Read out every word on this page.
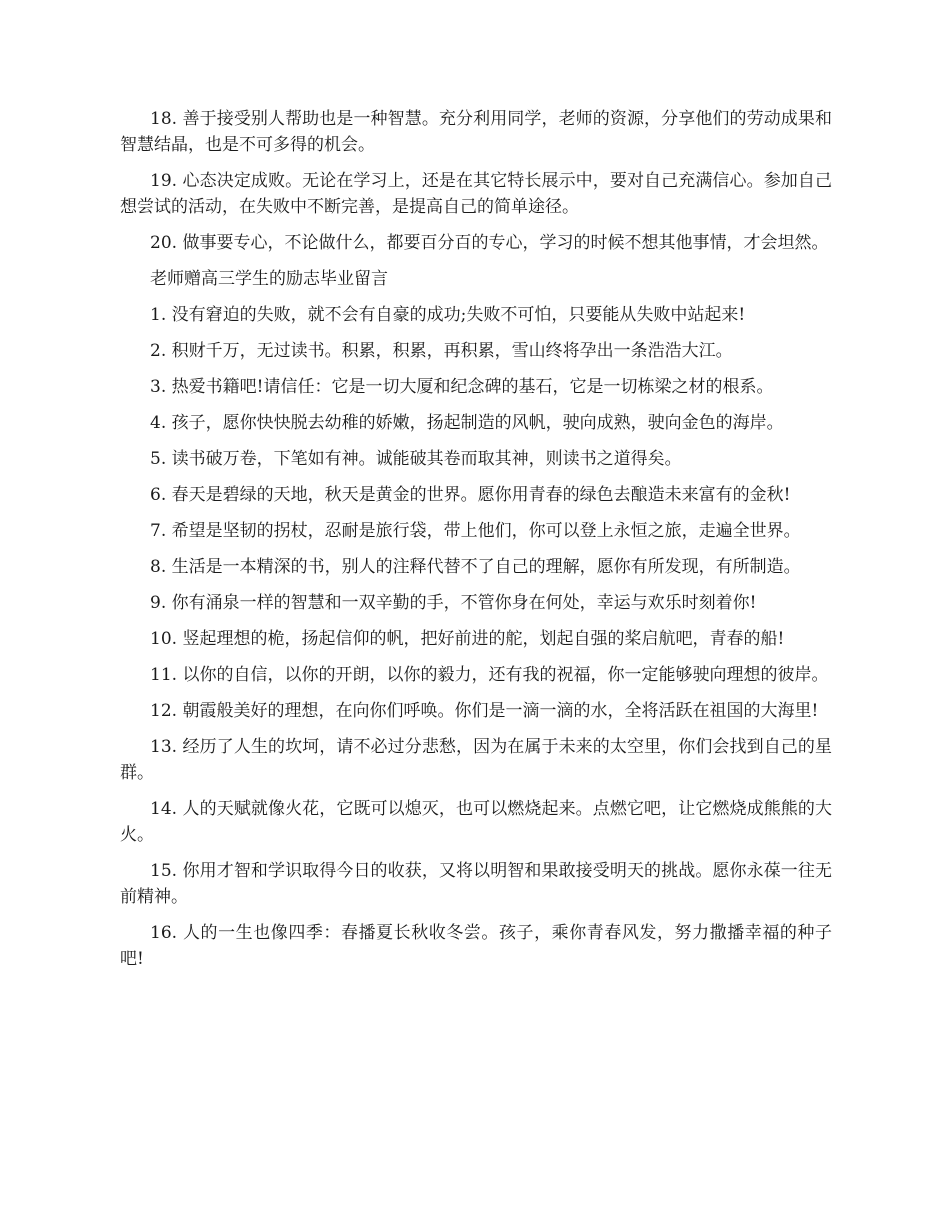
18. 善于接受别人帮助也是一种智慧。充分利用同学，老师的资源，分享他们的劳动成果和智慧结晶，也是不可多得的机会。

19. 心态决定成败。无论在学习上，还是在其它特长展示中，要对自己充满信心。参加自己想尝试的活动，在失败中不断完善，是提高自己的简单途径。

20. 做事要专心，不论做什么，都要百分百的专心，学习的时候不想其他事情，才会坦然。

老师赠高三学生的励志毕业留言

1. 没有窘迫的失败，就不会有自豪的成功;失败不可怕，只要能从失败中站起来!

2. 积财千万，无过读书。积累，积累，再积累，雪山终将孕出一条浩浩大江。

3. 热爱书籍吧!请信任：它是一切大厦和纪念碑的基石，它是一切栋梁之材的根系。

4. 孩子，愿你快快脱去幼稚的娇嫩，扬起制造的风帆，驶向成熟，驶向金色的海岸。

5. 读书破万卷，下笔如有神。诚能破其卷而取其神，则读书之道得矣。

6. 春天是碧绿的天地，秋天是黄金的世界。愿你用青春的绿色去酿造未来富有的金秋!

7. 希望是坚韧的拐杖，忍耐是旅行袋，带上他们，你可以登上永恒之旅，走遍全世界。

8. 生活是一本精深的书，别人的注释代替不了自己的理解，愿你有所发现，有所制造。

9. 你有涌泉一样的智慧和一双辛勤的手，不管你身在何处，幸运与欢乐时刻着你!

10. 竖起理想的桅，扬起信仰的帆，把好前进的舵，划起自强的桨启航吧，青春的船!

11. 以你的自信，以你的开朗，以你的毅力，还有我的祝福，你一定能够驶向理想的彼岸。

12. 朝霞般美好的理想，在向你们呼唤。你们是一滴一滴的水，全将活跃在祖国的大海里!

13. 经历了人生的坎坷，请不必过分悲愁，因为在属于未来的太空里，你们会找到自己的星群。

14. 人的天赋就像火花，它既可以熄灭，也可以燃烧起来。点燃它吧，让它燃烧成熊熊的大火。

15. 你用才智和学识取得今日的收获，又将以明智和果敢接受明天的挑战。愿你永葆一往无前精神。

16. 人的一生也像四季：春播夏长秋收冬尝。孩子，乘你青春风发，努力撒播幸福的种子吧!
